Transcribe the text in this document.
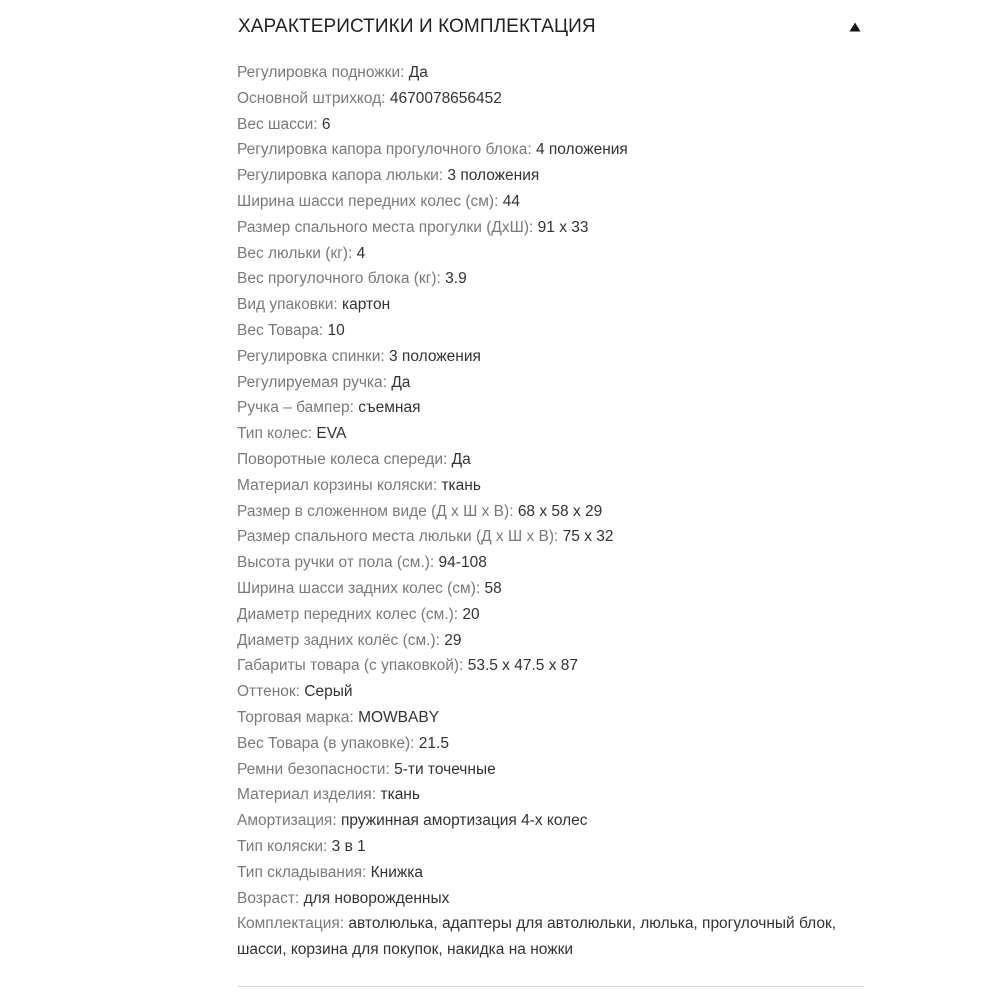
ХАРАКТЕРИСТИКИ И КОМПЛЕКТАЦИЯ
Регулировка подножки: Да
Основной штрихкод: 4670078656452
Вес шасси: 6
Регулировка капора прогулочного блока: 4 положения
Регулировка капора люльки: 3 положения
Ширина шасси передних колес (см): 44
Размер спального места прогулки (ДхШ): 91 х 33
Вес люльки (кг): 4
Вес прогулочного блока (кг): 3.9
Вид упаковки: картон
Вес Товара: 10
Регулировка спинки: 3 положения
Регулируемая ручка: Да
Ручка – бампер: съемная
Тип колес: EVA
Поворотные колеса спереди: Да
Материал корзины коляски: ткань
Размер в сложенном виде (Д х Ш х В): 68 х 58 х 29
Размер спального места люльки (Д х Ш х В): 75 х 32
Высота ручки от пола (см.): 94-108
Ширина шасси задних колес (см): 58
Диаметр передних колес (см.): 20
Диаметр задних колёс (см.): 29
Габариты товара (с упаковкой): 53.5 х 47.5 х 87
Оттенок: Серый
Торговая марка: MOWBABY
Вес Товара (в упаковке): 21.5
Ремни безопасности: 5-ти точечные
Материал изделия: ткань
Амортизация: пружинная амортизация 4-х колес
Тип коляски: 3 в 1
Тип складывания: Книжка
Возраст: для новорожденных
Комплектация: автолюлька, адаптеры для автолюльки, люлька, прогулочный блок, шасси, корзина для покупок, накидка на ножки
